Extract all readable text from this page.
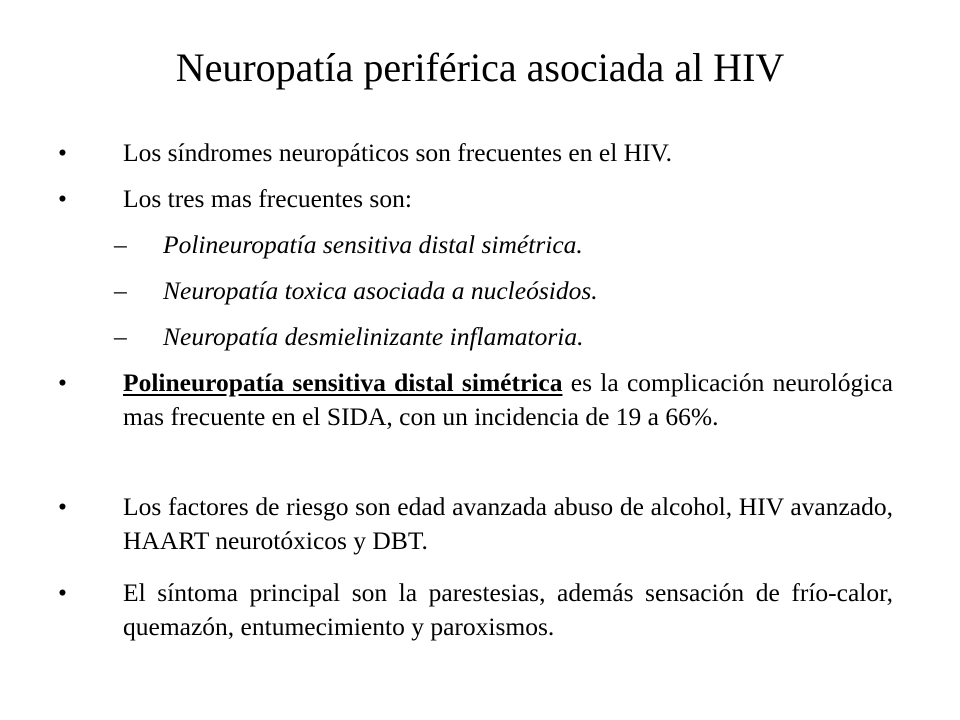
Neuropatía periférica asociada al HIV
• Los síndromes neuropáticos son frecuentes en el HIV.
• Los tres mas frecuentes son:
– Polineuropatía sensitiva distal simétrica.
– Neuropatía toxica asociada a nucleósidos.
– Neuropatía desmielinizante inflamatoria.
• Polineuropatía sensitiva distal simétrica es la complicación neurológica mas frecuente en el SIDA, con un incidencia de 19 a 66%.
• Los factores de riesgo son edad avanzada abuso de alcohol, HIV avanzado, HAART neurotóxicos y DBT.
• El síntoma principal son la parestesias, además sensación de frío-calor, quemazón, entumecimiento y paroxismos.
